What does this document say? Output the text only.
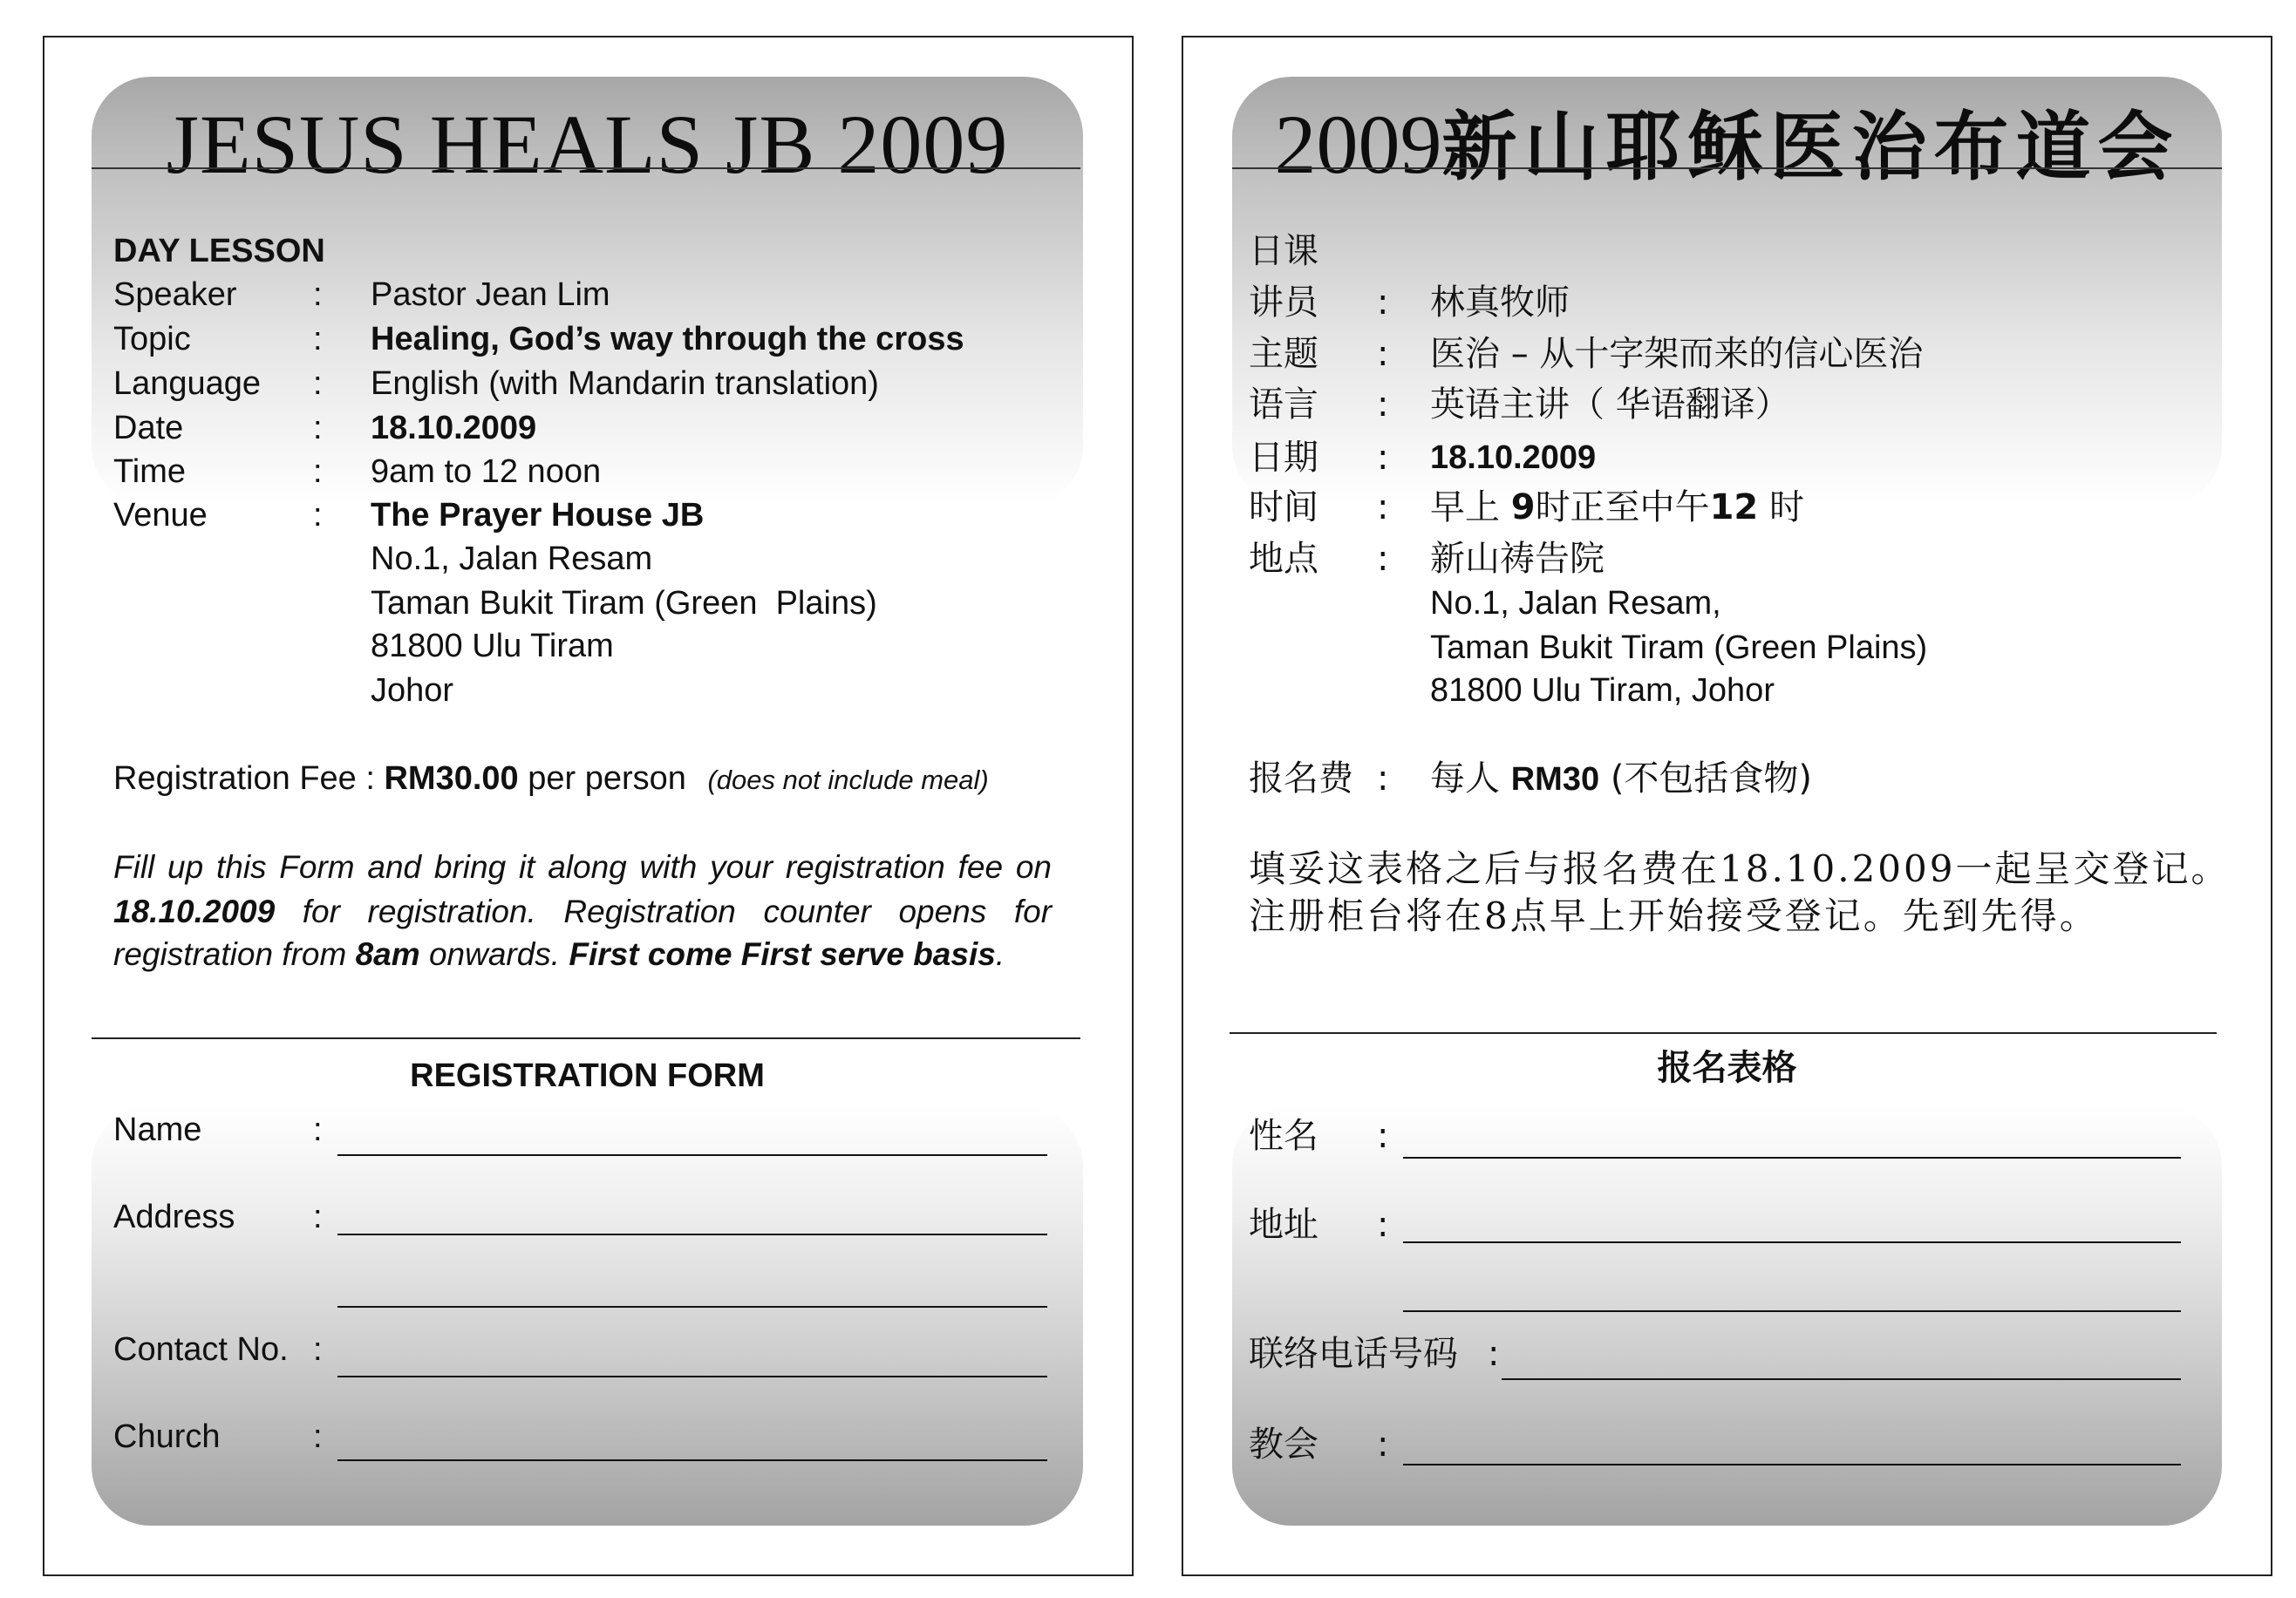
JESUS HEALS JB 2009
DAY LESSON
Speaker : Pastor Jean Lim
Topic	: Healing, God’s way through the cross
Language : English (with Mandarin translation)
Date	: 18.10.2009
Time	: 9am to 12 noon
Venue	: The Prayer House JB
No.1, Jalan Resam
Taman Bukit Tiram (Green  Plains)
81800 Ulu Tiram
Johor
Registration Fee : RM30.00 per person (does not include meal)
Fill up this Form and bring it along with your registration fee on
18.10.2009 for registration. Registration counter opens for
registration from 8am onwards. First come First serve basis.
REGISTRATION FORM
Name	:
Address :
Contact No. :
Church	:
2009新山耶稣医治布道会
日课
讲员 : 林真牧师
主题 : 医治 – 从十字架而来的信心医治
语言 : 英语主讲（ 华语翻译）
日期 : 18.10.2009
时间 : 早上 9时正至中午12 时
地点 : 新山祷告院
No.1, Jalan Resam,
Taman Bukit Tiram (Green Plains)
81800 Ulu Tiram, Johor
报名费 : 每人 RM30 (不包括食物)
填妥这表格之后与报名费在18.10.2009一起呈交登记。
注册柜台将在8点早上开始接受登记。先到先得。
报名表格
性名 :
地址 :
联络电话号码 :
教会 :
